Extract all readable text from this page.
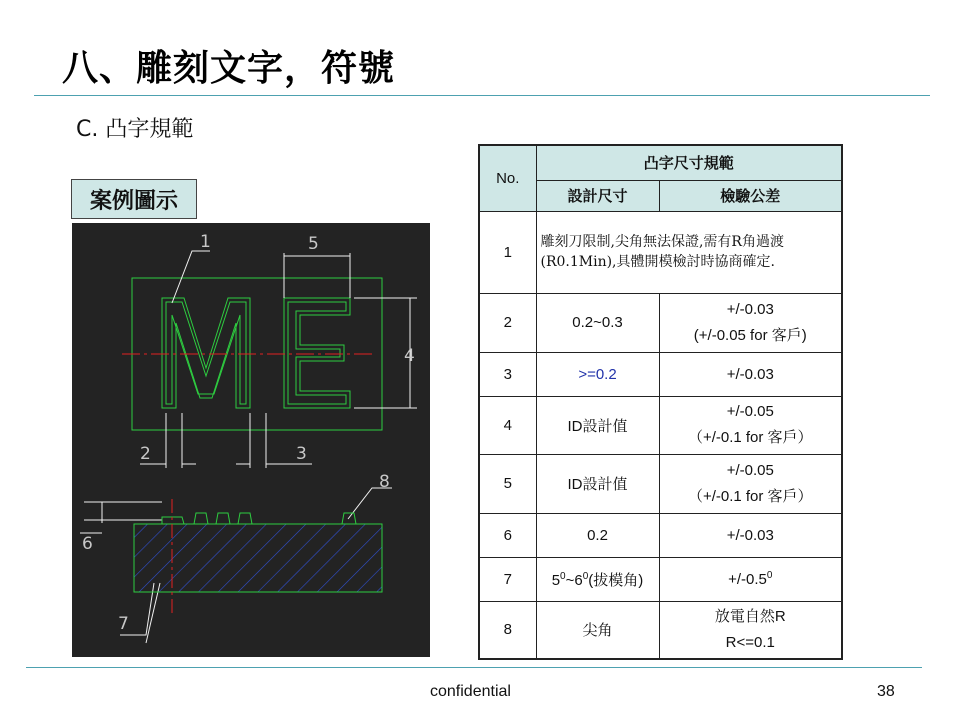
八、雕刻文字，符號
C. 凸字規範
案例圖示
1	5
4
2	3
8
6
7
No.	凸字尺寸規範	
	設計尺寸	檢驗公差
1	雕刻刀限制,尖角無法保證,需有R角過渡(R0.1Min),具體開模檢討時協商確定.	
2	0.2~0.3	+/-0.03
(+/-0.05 for 客戶)

3	>=0.2	+/-0.03
4	ID設計值	+/-0.05
（+/-0.1 for 客戶）

5	ID設計值	+/-0.05
（+/-0.1 for 客戶）

6	0.2	+/-0.03
7	$5^0\sim 6^0$(拔模角)	$+/-0.5^0$
8	尖角	放電自然R
R<=0.1
confidential	38
